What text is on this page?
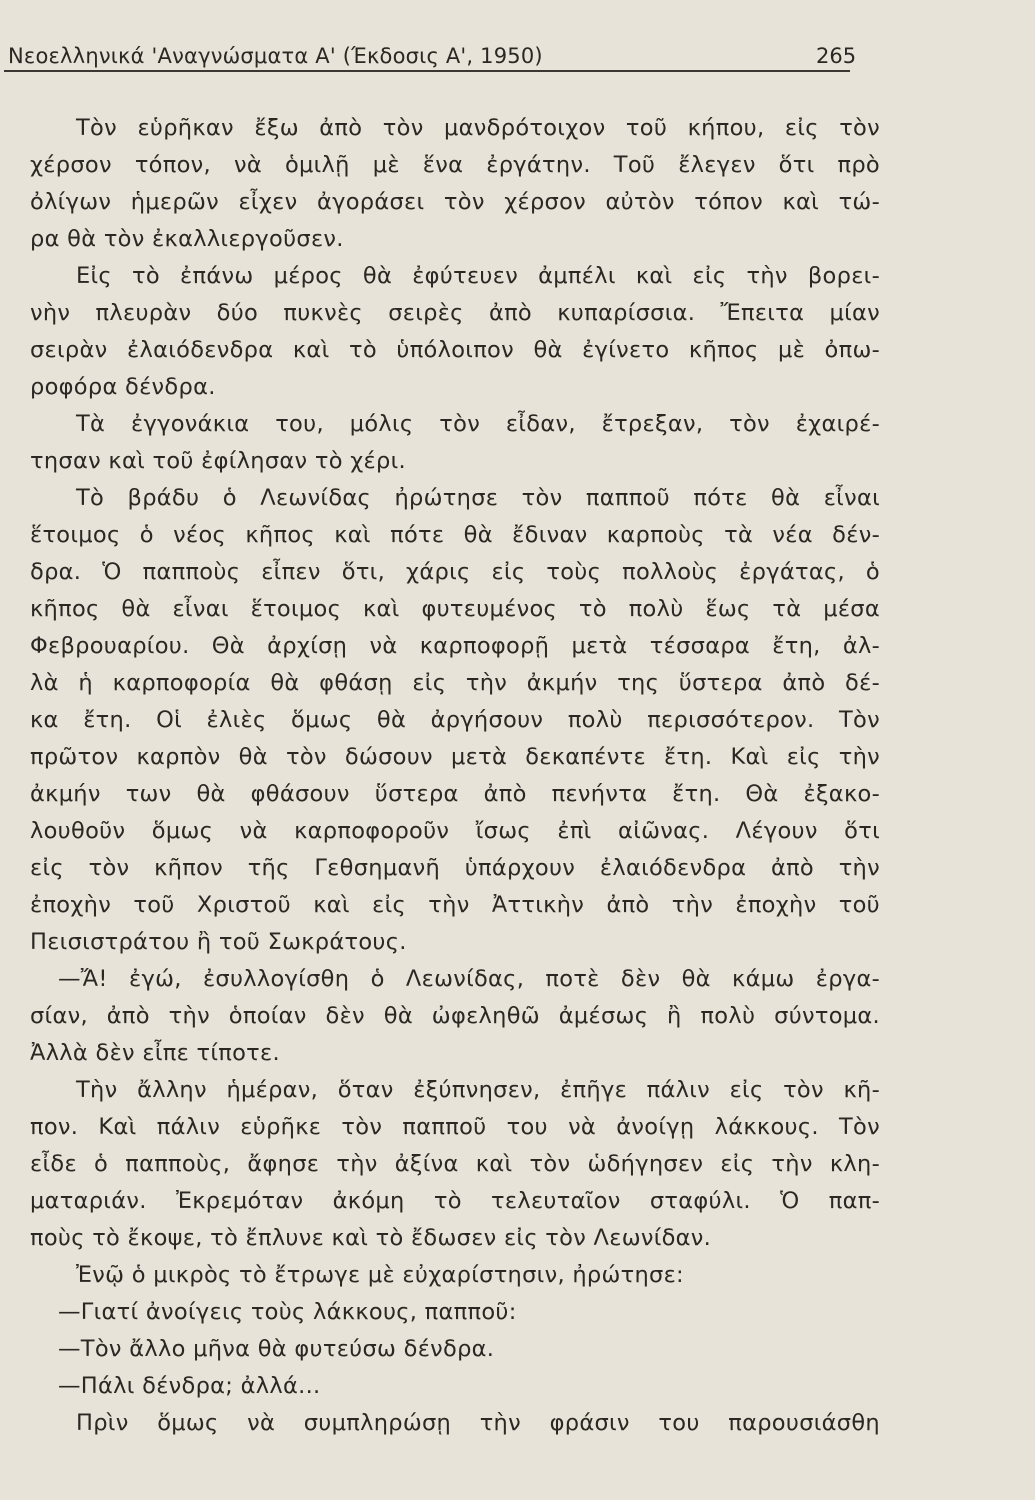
Νεοελληνικά 'Αναγνώσματα Α' (Έκδοσις Α', 1950)	265
Τὸν εὑρῆκαν ἔξω ἀπὸ τὸν μανδρότοιχον τοῦ κήπου, εἰς τὸν
χέρσον τόπον, νὰ ὁμιλῇ μὲ ἕνα ἐργάτην. Τοῦ ἔλεγεν ὅτι πρὸ
ὀλίγων ἡμερῶν εἶχεν ἀγοράσει τὸν χέρσον αὐτὸν τόπον καὶ τώ-
ρα θὰ τὸν ἐκαλλιεργοῦσεν.
Εἰς τὸ ἐπάνω μέρος θὰ ἐφύτευεν ἀμπέλι καὶ εἰς τὴν βορει-
νὴν πλευρὰν δύο πυκνὲς σειρὲς ἀπὸ κυπαρίσσια. Ἔπειτα μίαν
σειρὰν ἐλαιόδενδρα καὶ τὸ ὑπόλοιπον θὰ ἐγίνετο κῆπος μὲ ὀπω-
ροφόρα δένδρα.
Τὰ ἐγγονάκια του, μόλις τὸν εἶδαν, ἔτρεξαν, τὸν ἐχαιρέ-
τησαν καὶ τοῦ ἐφίλησαν τὸ χέρι.
Τὸ βράδυ ὁ Λεωνίδας ἠρώτησε τὸν παπποῦ πότε θὰ εἶναι
ἕτοιμος ὁ νέος κῆπος καὶ πότε θὰ ἔδιναν καρποὺς τὰ νέα δέν-
δρα. Ὁ παπποὺς εἶπεν ὅτι, χάρις εἰς τοὺς πολλοὺς ἐργάτας, ὁ
κῆπος θὰ εἶναι ἕτοιμος καὶ φυτευμένος τὸ πολὺ ἕως τὰ μέσα
Φεβρουαρίου. Θὰ ἀρχίσῃ νὰ καρποφορῇ μετὰ τέσσαρα ἔτη, ἀλ-
λὰ ἡ καρποφορία θὰ φθάσῃ εἰς τὴν ἀκμήν της ὕστερα ἀπὸ δέ-
κα ἔτη. Οἱ ἐλιὲς ὅμως θὰ ἀργήσουν πολὺ περισσότερον. Τὸν
πρῶτον καρπὸν θὰ τὸν δώσουν μετὰ δεκαπέντε ἔτη. Καὶ εἰς τὴν
ἀκμήν των θὰ φθάσουν ὕστερα ἀπὸ πενήντα ἔτη. Θὰ ἐξακο-
λουθοῦν ὅμως νὰ καρποφοροῦν ἴσως ἐπὶ αἰῶνας. Λέγουν ὅτι
εἰς τὸν κῆπον τῆς Γεθσημανῆ ὑπάρχουν ἐλαιόδενδρα ἀπὸ τὴν
ἐποχὴν τοῦ Χριστοῦ καὶ εἰς τὴν Ἀττικὴν ἀπὸ τὴν ἐποχὴν τοῦ
Πεισιστράτου ἢ τοῦ Σωκράτους.
—Ἄ! ἐγώ, ἐσυλλογίσθη ὁ Λεωνίδας, ποτὲ δὲν θὰ κάμω ἐργα-
σίαν, ἀπὸ τὴν ὁποίαν δὲν θὰ ὠφεληθῶ ἀμέσως ἢ πολὺ σύντομα.
Ἀλλὰ δὲν εἶπε τίποτε.
Τὴν ἄλλην ἡμέραν, ὅταν ἐξύπνησεν, ἐπῆγε πάλιν εἰς τὸν κῆ-
πον. Καὶ πάλιν εὑρῆκε τὸν παπποῦ του νὰ ἀνοίγῃ λάκκους. Τὸν
εἶδε ὁ παπποὺς, ἄφησε τὴν ἀξίνα καὶ τὸν ὡδήγησεν εἰς τὴν κλη-
ματαριάν. Ἐκρεμόταν ἀκόμη τὸ τελευταῖον σταφύλι. Ὁ παπ-
ποὺς τὸ ἔκοψε, τὸ ἔπλυνε καὶ τὸ ἔδωσεν εἰς τὸν Λεωνίδαν.
Ἐνῷ ὁ μικρὸς τὸ ἔτρωγε μὲ εὐχαρίστησιν, ἠρώτησε:
—Γιατί ἀνοίγεις τοὺς λάκκους, παπποῦ:
—Τὸν ἄλλο μῆνα θὰ φυτεύσω δένδρα.
—Πάλι δένδρα; ἀλλά...
Πρὶν ὅμως νὰ συμπληρώσῃ τὴν φράσιν του παρουσιάσθη
